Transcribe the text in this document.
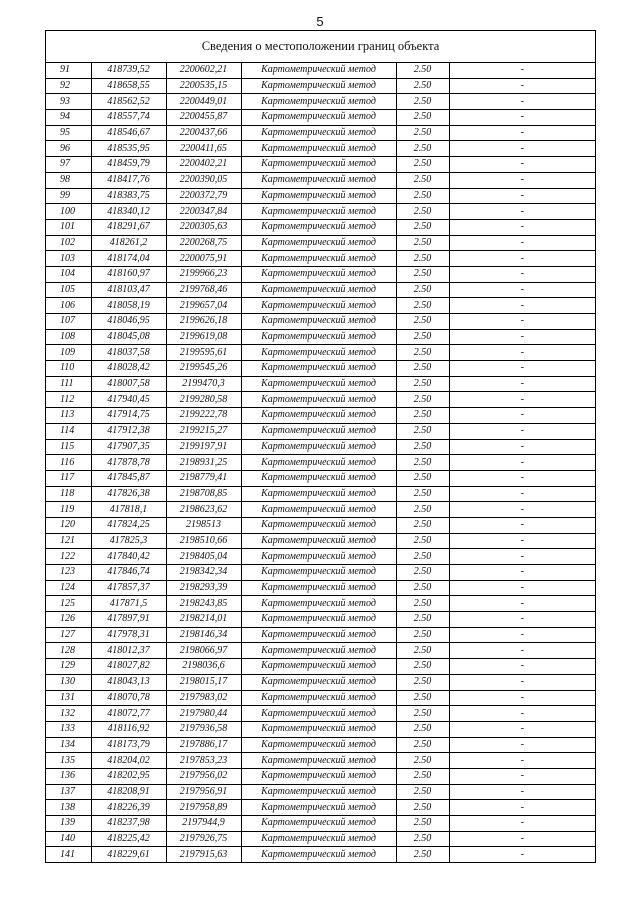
5
Сведения о местоположении границ объекта
91	418739,52	2200602,21	Картометрический метод	2.50	-
92	418658,55	2200535,15	Картометрический метод	2.50	-
93	418562,52	2200449,01	Картометрический метод	2.50	-
94	418557,74	2200455,87	Картометрический метод	2.50	-
95	418546,67	2200437,66	Картометрический метод	2.50	-
96	418535,95	2200411,65	Картометрический метод	2.50	-
97	418459,79	2200402,21	Картометрический метод	2.50	-
98	418417,76	2200390,05	Картометрический метод	2.50	-
99	418383,75	2200372,79	Картометрический метод	2.50	-
100	418340,12	2200347,84	Картометрический метод	2.50	-
101	418291,67	2200305,63	Картометрический метод	2.50	-
102	418261,2	2200268,75	Картометрический метод	2.50	-
103	418174,04	2200075,91	Картометрический метод	2.50	-
104	418160,97	2199966,23	Картометрический метод	2.50	-
105	418103,47	2199768,46	Картометрический метод	2.50	-
106	418058,19	2199657,04	Картометрический метод	2.50	-
107	418046,95	2199626,18	Картометрический метод	2.50	-
108	418045,08	2199619,08	Картометрический метод	2.50	-
109	418037,58	2199595,61	Картометрический метод	2.50	-
110	418028,42	2199545,26	Картометрический метод	2.50	-
111	418007,58	2199470,3	Картометрический метод	2.50	-
112	417940,45	2199280,58	Картометрический метод	2.50	-
113	417914,75	2199222,78	Картометрический метод	2.50	-
114	417912,38	2199215,27	Картометрический метод	2.50	-
115	417907,35	2199197,91	Картометрический метод	2.50	-
116	417878,78	2198931,25	Картометрический метод	2.50	-
117	417845,87	2198779,41	Картометрический метод	2.50	-
118	417826,38	2198708,85	Картометрический метод	2.50	-
119	417818,1	2198623,62	Картометрический метод	2.50	-
120	417824,25	2198513	Картометрический метод	2.50	-
121	417825,3	2198510,66	Картометрический метод	2.50	-
122	417840,42	2198405,04	Картометрический метод	2.50	-
123	417846,74	2198342,34	Картометрический метод	2.50	-
124	417857,37	2198293,39	Картометрический метод	2.50	-
125	417871,5	2198243,85	Картометрический метод	2.50	-
126	417897,91	2198214,01	Картометрический метод	2.50	-
127	417978,31	2198146,34	Картометрический метод	2.50	-
128	418012,37	2198066,97	Картометрический метод	2.50	-
129	418027,82	2198036,6	Картометрический метод	2.50	-
130	418043,13	2198015,17	Картометрический метод	2.50	-
131	418070,78	2197983,02	Картометрический метод	2.50	-
132	418072,77	2197980,44	Картометрический метод	2.50	-
133	418116,92	2197936,58	Картометрический метод	2.50	-
134	418173,79	2197886,17	Картометрический метод	2.50	-
135	418204,02	2197853,23	Картометрический метод	2.50	-
136	418202,95	2197956,02	Картометрический метод	2.50	-
137	418208,91	2197956,91	Картометрический метод	2.50	-
138	418226,39	2197958,89	Картометрический метод	2.50	-
139	418237,98	2197944,9	Картометрический метод	2.50	-
140	418225,42	2197926,75	Картометрический метод	2.50	-
141	418229,61	2197915,63	Картометрический метод	2.50	-
